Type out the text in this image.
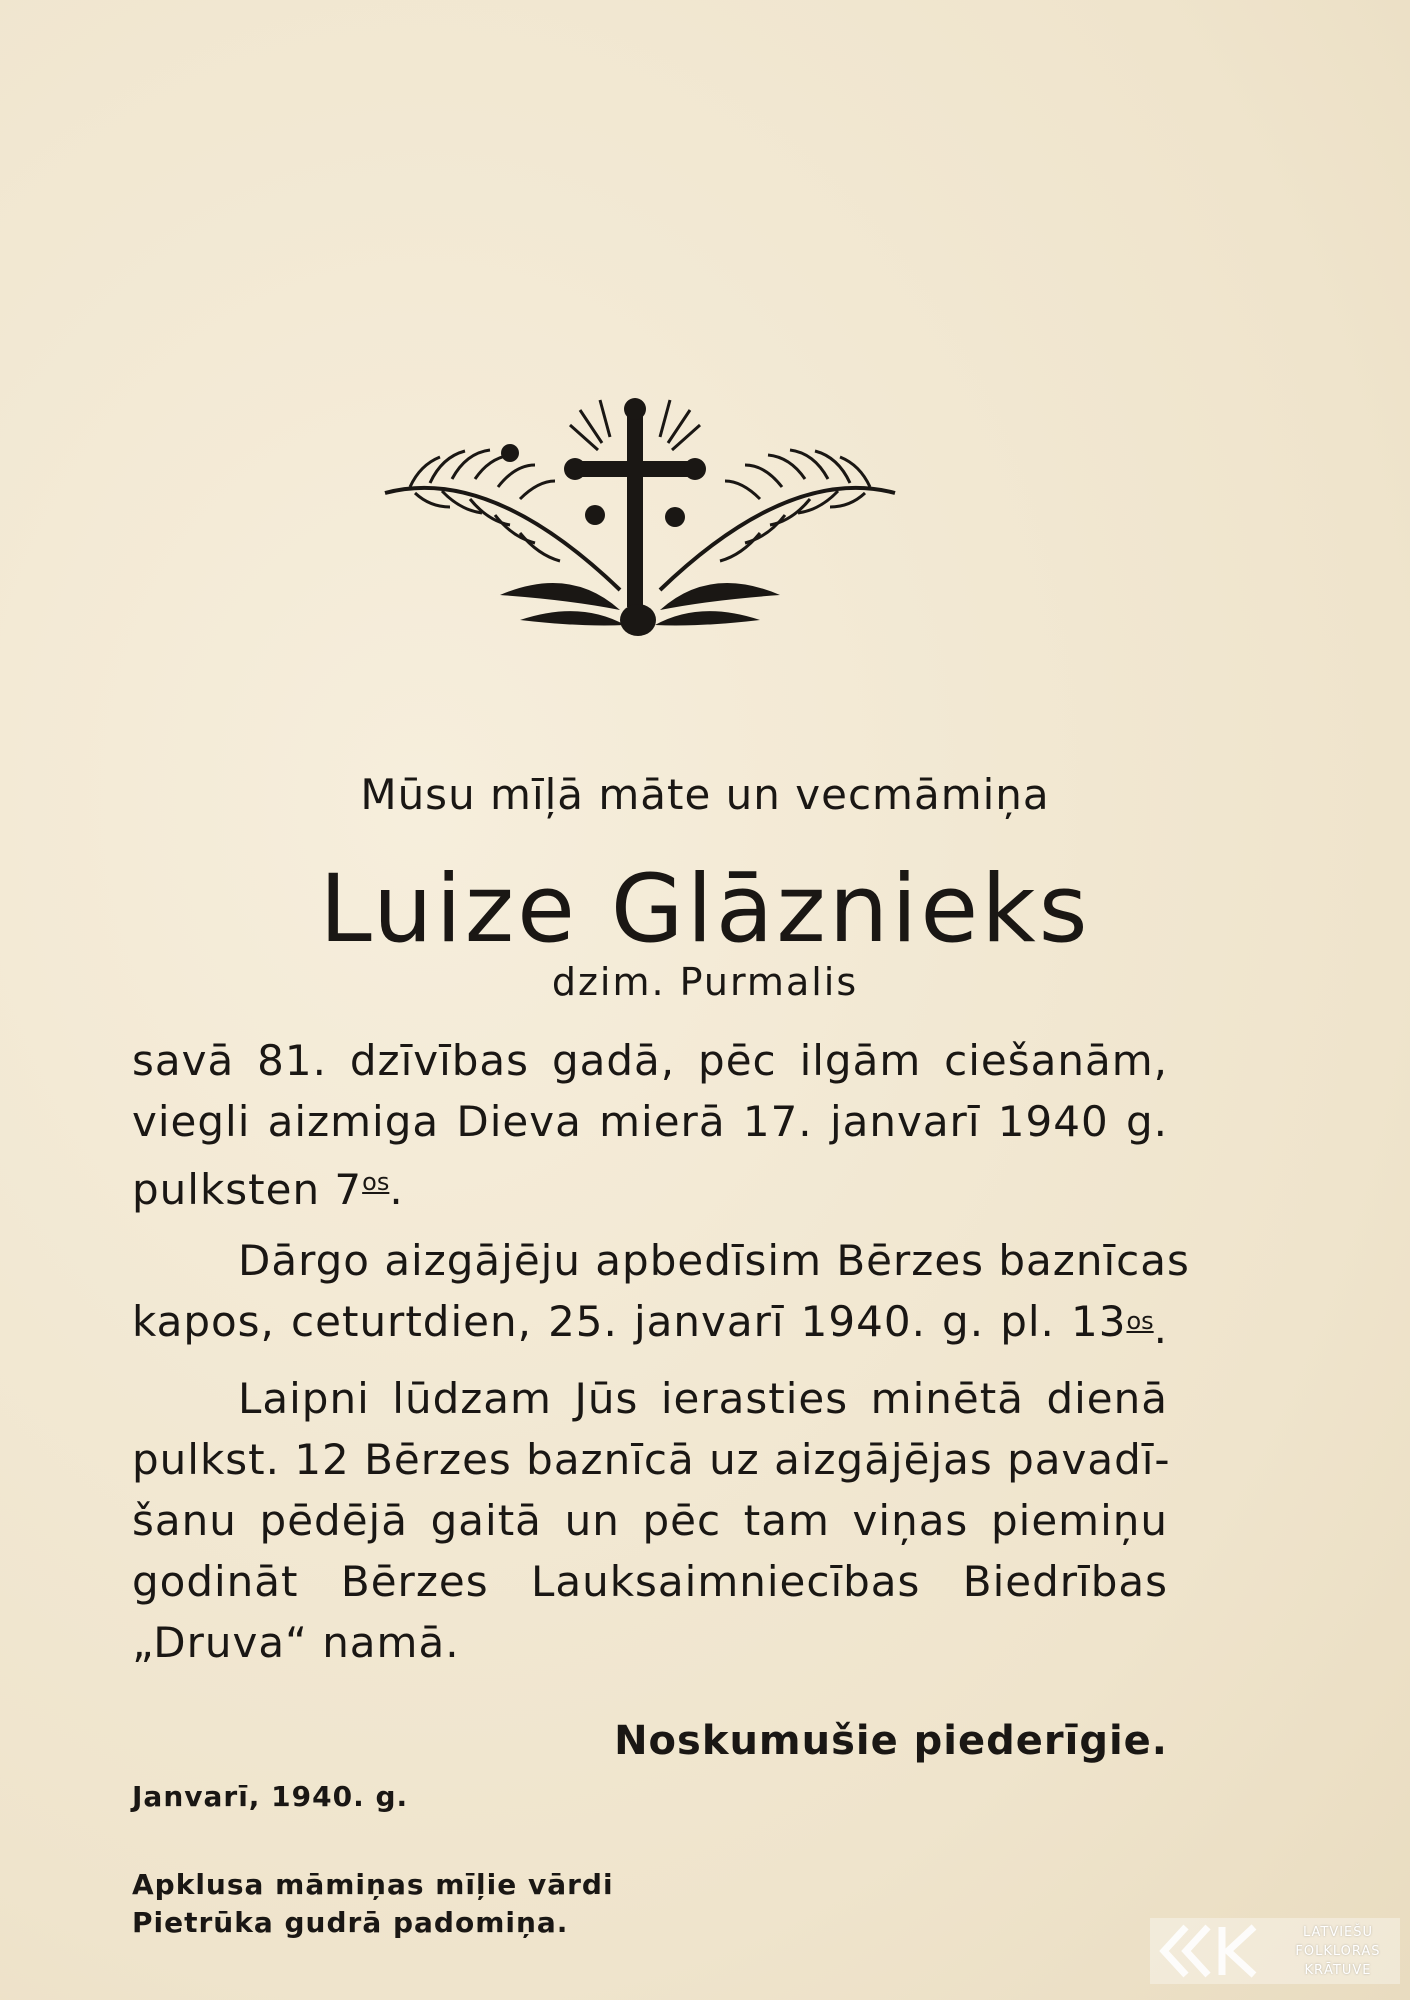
Mūsu mīļā māte un vecmāmiņa
Luize Glāznieks
dzim. Purmalis
savā 81. dzīvības gadā, pēc ilgām ciešanām,
viegli aizmiga Dieva mierā 17. janvarī 1940 g.
pulksten $7^{os}$.
Dārgo aizgājēju apbedīsim Bērzes baznīcas
kapos, ceturtdien, 25. janvarī 1940. g. pl. 13 $^{os}$.
Laipni lūdzam Jūs ierasties minētā dienā
pulkst. 12 Bērzes baznīcā uz aizgājējas pavadī-
šanu pēdējā gaitā un pēc tam viņas piemiņu
godināt Bērzes Lauksaimniecības Biedrības
„Druva“ namā.
Noskumušie piederīgie.
Janvarī, 1940. g.
Apklusa māmiņas mīļie vārdi
Pietrūka gudrā padomiņa.	LATVIEŠU
FOLKLORAS
KRĀTUVE
